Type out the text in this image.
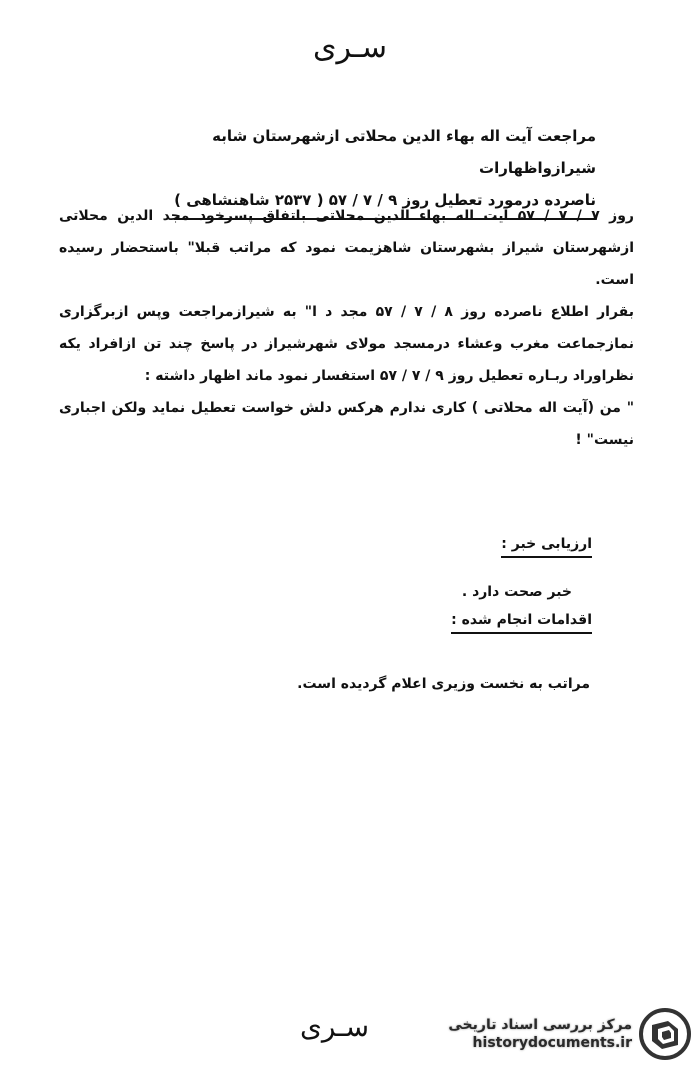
سـرى
مراجعت آیت اله بهاء الدین محلاتی ازشهرستان شابه شیرازواظهارات
ناصرده درمورد تعطیل روز ۹ / ۷ / ۵۷ ( ۲۵۳۷ شاهنشاهی )

روز ۷ / ۷ / ۵۷ آیت اله بهاء الدین محلاتی باتفاق پسرخود مجد الدین محلاتی ازشهرستان شیراز بشهرستان شاهزیمت نمود که مراتب قبلا" باستحضار رسیده است.

بقرار اطلاع ناصرده روز ۸ / ۷ / ۵۷ مجد د ا" به شیرازمراجعت وپس ازبرگزاری نمازجماعت مغرب وعشاء درمسجد مولای شهرشیراز در پاسخ چند تن ازافراد یکه نظراوراد ربـاره تعطیل روز ۹ / ۷ / ۵۷ استفسار نمود ماند اظهار داشته :

" من (آیت اله محلاتی ) کاری ندارم هرکس دلش خواست تعطیل نماید ولکن اجباری نیست" !

ارزیابی خبر :
خبر صحت دارد .
اقدامات انجام شده :
مراتب به نخست وزیری اعلام گردیده است.
سـرى	مرکز بررسی اسناد تاریخی
historydocuments.ir
